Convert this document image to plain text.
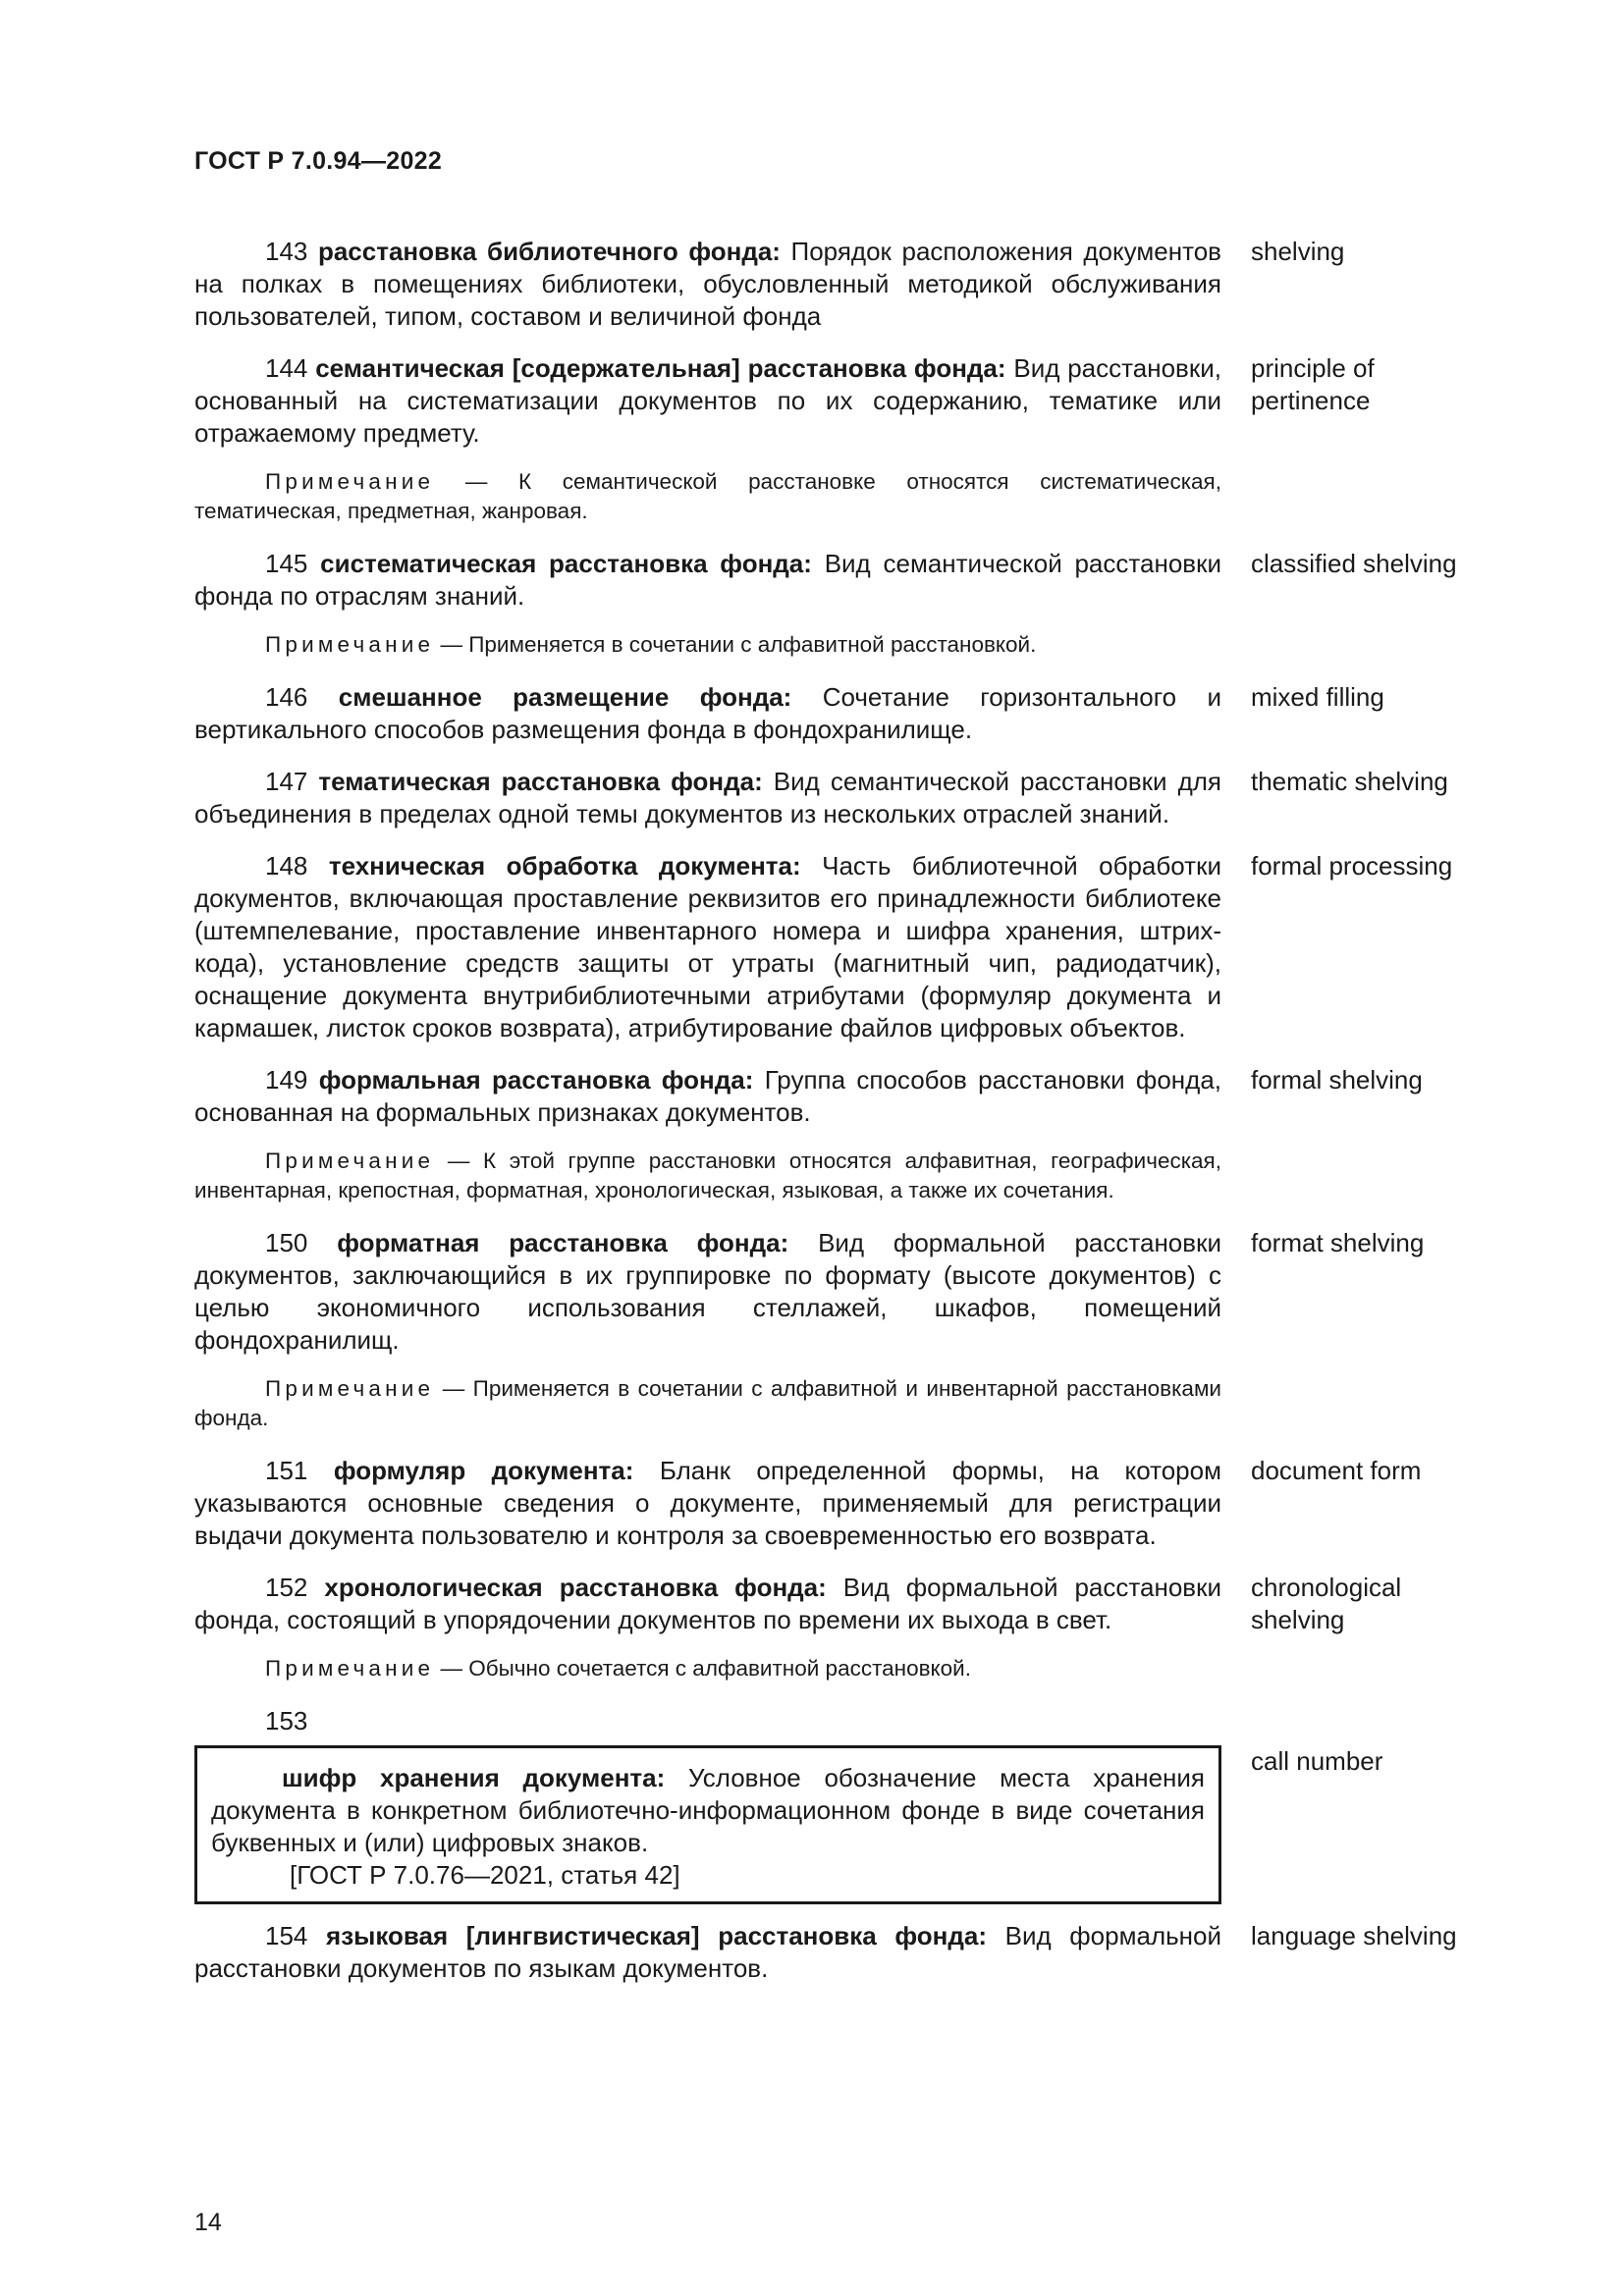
ГОСТ Р 7.0.94—2022
143 расстановка библиотечного фонда: Порядок расположения документов на полках в помещениях библиотеки, обусловленный методикой обслуживания пользователей, типом, составом и величиной фонда
shelving
144 семантическая [содержательная] расстановка фонда: Вид расстановки, основанный на систематизации документов по их содержанию, тематике или отражаемому предмету.
principle of pertinence
Примечание — К семантической расстановке относятся систематическая, тематическая, предметная, жанровая.
145 систематическая расстановка фонда: Вид семантической расстановки фонда по отраслям знаний.
classified shelving
Примечание — Применяется в сочетании с алфавитной расстановкой.
146 смешанное размещение фонда: Сочетание горизонтального и вертикального способов размещения фонда в фондохранилище.
mixed filling
147 тематическая расстановка фонда: Вид семантической расстановки для объединения в пределах одной темы документов из нескольких отраслей знаний.
thematic shelving
148 техническая обработка документа: Часть библиотечной обработки документов, включающая проставление реквизитов его принадлежности библиотеке (штемпелевание, проставление инвентарного номера и шифра хранения, штрих-кода), установление средств защиты от утраты (магнитный чип, радиодатчик), оснащение документа внутрибиблиотечными атрибутами (формуляр документа и кармашек, листок сроков возврата), атрибутирование файлов цифровых объектов.
formal processing
149 формальная расстановка фонда: Группа способов расстановки фонда, основанная на формальных признаках документов.
formal shelving
Примечание — К этой группе расстановки относятся алфавитная, географическая, инвентарная, крепостная, форматная, хронологическая, языковая, а также их сочетания.
150 форматная расстановка фонда: Вид формальной расстановки документов, заключающийся в их группировке по формату (высоте документов) с целью экономичного использования стеллажей, шкафов, помещений фондохранилищ.
format shelving
Примечание — Применяется в сочетании с алфавитной и инвентарной расстановками фонда.
151 формуляр документа: Бланк определенной формы, на котором указываются основные сведения о документе, применяемый для регистрации выдачи документа пользователю и контроля за своевременностью его возврата.
document form
152 хронологическая расстановка фонда: Вид формальной расстановки фонда, состоящий в упорядочении документов по времени их выхода в свет.
chronological shelving
Примечание — Обычно сочетается с алфавитной расстановкой.
153
шифр хранения документа: Условное обозначение места хранения документа в конкретном библиотечно-информационном фонде в виде сочетания буквенных и (или) цифровых знаков.
[ГОСТ Р 7.0.76—2021, статья 42]
call number
154 языковая [лингвистическая] расстановка фонда: Вид формальной расстановки документов по языкам документов.
language shelving
14
